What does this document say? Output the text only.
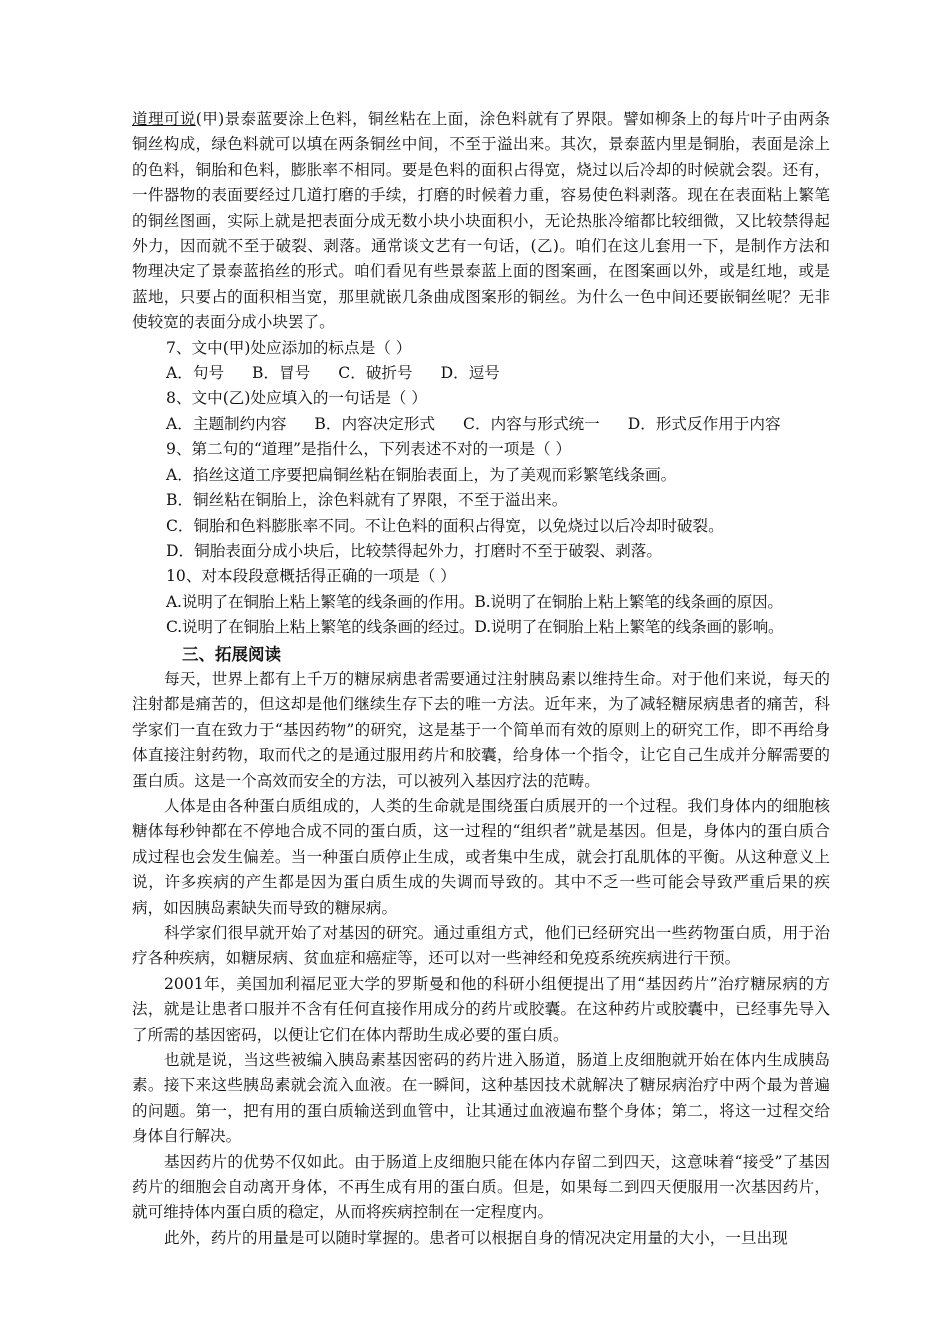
道理可说(甲)景泰蓝要涂上色料，铜丝粘在上面，涂色料就有了界限。譬如柳条上的每片叶子由两条铜丝构成，绿色料就可以填在两条铜丝中间，不至于溢出来。其次，景泰蓝内里是铜胎，表面是涂上的色料，铜胎和色料，膨胀率不相同。要是色料的面积占得宽，烧过以后冷却的时候就会裂。还有，一件器物的表面要经过几道打磨的手续，打磨的时候着力重，容易使色料剥落。现在在表面粘上繁笔的铜丝图画，实际上就是把表面分成无数小块小块面积小，无论热胀冷缩都比较细微，又比较禁得起外力，因而就不至于破裂、剥落。通常谈文艺有一句话，(乙)。咱们在这儿套用一下，是制作方法和物理决定了景泰蓝掐丝的形式。咱们看见有些景泰蓝上面的图案画，在图案画以外，或是红地，或是蓝地，只要占的面积相当宽，那里就嵌几条曲成图案形的铜丝。为什么一色中间还要嵌铜丝呢？无非使较宽的表面分成小块罢了。

7、文中(甲)处应添加的标点是（ ）

A．句号 B．冒号 C．破折号 D．逗号

8、文中(乙)处应填入的一句话是（ ）

A．主题制约内容 B．内容决定形式 C．内容与形式统一 D．形式反作用于内容

9、第二句的“道理”是指什么，下列表述不对的一项是（ ）

A．掐丝这道工序要把扁铜丝粘在铜胎表面上，为了美观而彩繁笔线条画。

B．铜丝粘在铜胎上，涂色料就有了界限，不至于溢出来。

C．铜胎和色料膨胀率不同。不让色料的面积占得宽，以免烧过以后冷却时破裂。

D．铜胎表面分成小块后，比较禁得起外力，打磨时不至于破裂、剥落。

10、对本段段意概括得正确的一项是（ ）

A.说明了在铜胎上粘上繁笔的线条画的作用。B.说明了在铜胎上粘上繁笔的线条画的原因。

C.说明了在铜胎上粘上繁笔的线条画的经过。D.说明了在铜胎上粘上繁笔的线条画的影响。

三、拓展阅读

每天，世界上都有上千万的糖尿病患者需要通过注射胰岛素以维持生命。对于他们来说，每天的注射都是痛苦的，但这却是他们继续生存下去的唯一方法。近年来，为了减轻糖尿病患者的痛苦，科学家们一直在致力于“基因药物”的研究，这是基于一个简单而有效的原则上的研究工作，即不再给身体直接注射药物，取而代之的是通过服用药片和胶囊，给身体一个指令，让它自己生成并分解需要的蛋白质。这是一个高效而安全的方法，可以被列入基因疗法的范畴。

人体是由各种蛋白质组成的，人类的生命就是围绕蛋白质展开的一个过程。我们身体内的细胞核糖体每秒钟都在不停地合成不同的蛋白质，这一过程的“组织者”就是基因。但是，身体内的蛋白质合成过程也会发生偏差。当一种蛋白质停止生成，或者集中生成，就会打乱肌体的平衡。从这种意义上说，许多疾病的产生都是因为蛋白质生成的失调而导致的。其中不乏一些可能会导致严重后果的疾病，如因胰岛素缺失而导致的糖尿病。

科学家们很早就开始了对基因的研究。通过重组方式，他们已经研究出一些药物蛋白质，用于治疗各种疾病，如糖尿病、贫血症和癌症等，还可以对一些神经和免疫系统疾病进行干预。

2001年，美国加利福尼亚大学的罗斯曼和他的科研小组便提出了用“基因药片”治疗糖尿病的方法，就是让患者口服并不含有任何直接作用成分的药片或胶囊。在这种药片或胶囊中，已经事先导入了所需的基因密码，以便让它们在体内帮助生成必要的蛋白质。

也就是说，当这些被编入胰岛素基因密码的药片进入肠道，肠道上皮细胞就开始在体内生成胰岛素。接下来这些胰岛素就会流入血液。在一瞬间，这种基因技术就解决了糖尿病治疗中两个最为普遍的问题。第一，把有用的蛋白质输送到血管中，让其通过血液遍布整个身体；第二，将这一过程交给身体自行解决。

基因药片的优势不仅如此。由于肠道上皮细胞只能在体内存留二到四天，这意味着“接受”了基因药片的细胞会自动离开身体，不再生成有用的蛋白质。但是，如果每二到四天便服用一次基因药片，就可维持体内蛋白质的稳定，从而将疾病控制在一定程度内。

此外，药片的用量是可以随时掌握的。患者可以根据自身的情况决定用量的大小，一旦出现
